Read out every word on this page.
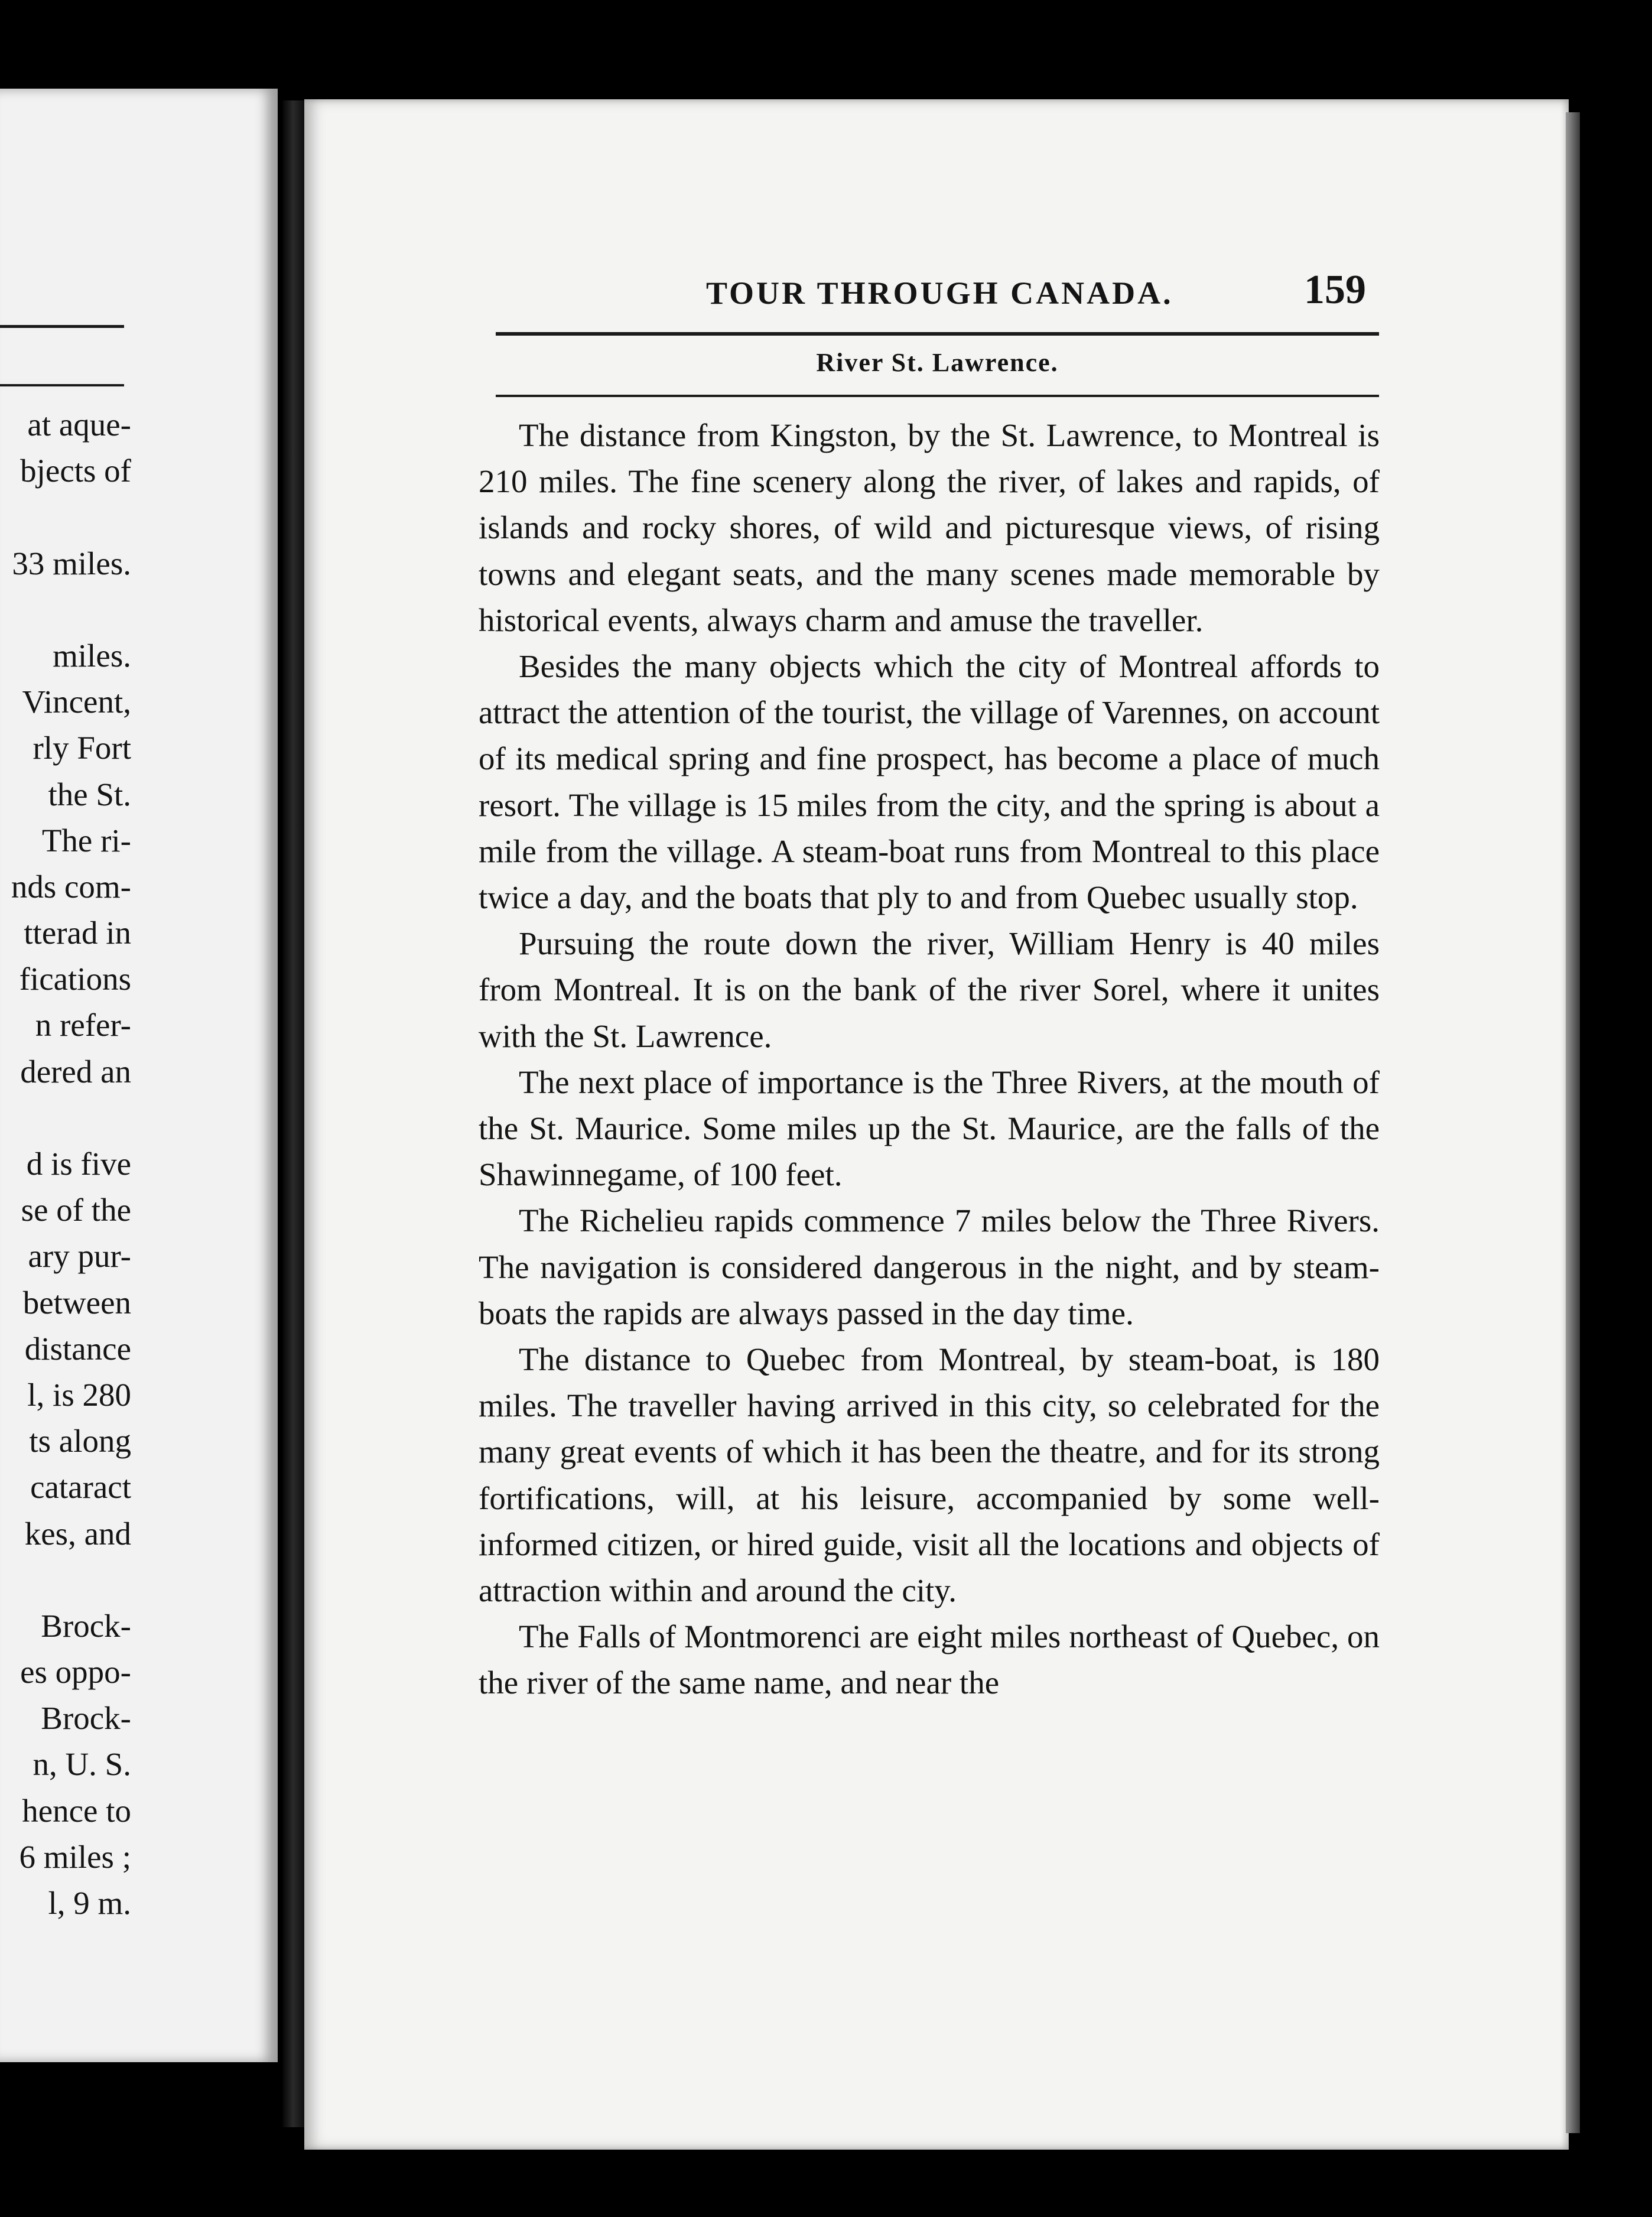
at aque-
bjects of
33 miles.
miles.
Vincent,
rly Fort
the St.
The ri-
nds com-
tterad in
fications
n refer-
dered an
d is five
se of the
ary pur-
between
distance
l, is 280
ts along
cataract
kes, and
Brock-
es oppo-
Brock-
n, U. S.
hence to
6 miles ;
l, 9 m.
TOUR THROUGH CANADA.	159
River St. Lawrence.

The distance from Kingston, by the St. Lawrence, to Montreal is 210 miles. The fine scenery along the river, of lakes and rapids, of islands and rocky shores, of wild and picturesque views, of rising towns and elegant seats, and the many scenes made memorable by historical events, always charm and amuse the traveller.

Besides the many objects which the city of Montreal affords to attract the attention of the tourist, the village of Varennes, on account of its medical spring and fine prospect, has become a place of much resort. The village is 15 miles from the city, and the spring is about a mile from the village. A steam-boat runs from Montreal to this place twice a day, and the boats that ply to and from Quebec usually stop.

Pursuing the route down the river, William Henry is 40 miles from Montreal. It is on the bank of the river Sorel, where it unites with the St. Lawrence.

The next place of importance is the Three Rivers, at the mouth of the St. Maurice. Some miles up the St. Maurice, are the falls of the Shawinnegame, of 100 feet.

The Richelieu rapids commence 7 miles below the Three Rivers. The navigation is considered dangerous in the night, and by steam-boats the rapids are always passed in the day time.

The distance to Quebec from Montreal, by steam-boat, is 180 miles. The traveller having arrived in this city, so celebrated for the many great events of which it has been the theatre, and for its strong fortifications, will, at his leisure, accompanied by some well-informed citizen, or hired guide, visit all the locations and objects of attraction within and around the city.

The Falls of Montmorenci are eight miles northeast of Quebec, on the river of the same name, and near the
